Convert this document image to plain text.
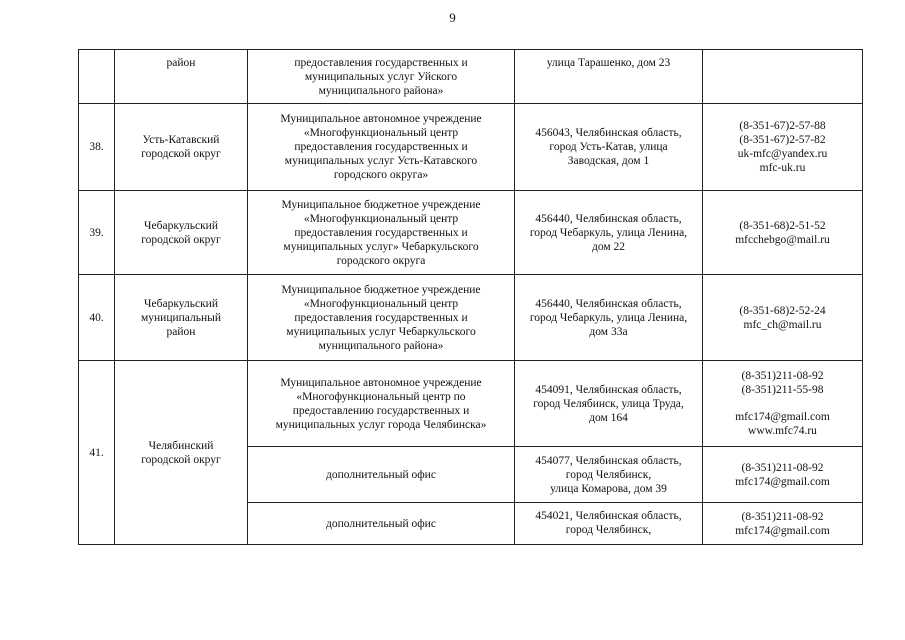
9

	район	предоставления государственных и
муниципальных услуг Уйского
муниципального района»	улица Тарашенко, дом 23	

38.	Усть-Катавский
городской округ	Муниципальное автономное учреждение
«Многофункциональный центр
предоставления государственных и
муниципальных услуг Усть-Катавского
городского округа»	456043, Челябинская область,
город Усть-Катав, улица
Заводская, дом 1	(8-351-67)2-57-88
(8-351-67)2-57-82
uk-mfc@yandex.ru
mfc-uk.ru

39.	Чебаркульский
городской округ	Муниципальное бюджетное учреждение
«Многофункциональный центр
предоставления государственных и
муниципальных услуг» Чебаркульского
городского округа	456440, Челябинская область,
город Чебаркуль, улица Ленина,
дом 22	(8-351-68)2-51-52
mfcchebgo@mail.ru

40.	Чебаркульский
муниципальный
район	Муниципальное бюджетное учреждение
«Многофункциональный центр
предоставления государственных и
муниципальных услуг Чебаркульского
муниципального района»	456440, Челябинская область,
город Чебаркуль, улица Ленина,
дом 33а	(8-351-68)2-52-24
mfc_ch@mail.ru

41.	Челябинский
городской округ	Муниципальное автономное учреждение
«Многофункциональный центр по
предоставлению государственных и
муниципальных услуг города Челябинска»	454091, Челябинская область,
город Челябинск, улица Труда,
дом 164	(8-351)211-08-92
(8-351)211-55-98
mfc174@gmail.com
www.mfc74.ru

		дополнительный офис	454077, Челябинская область,
город Челябинск,
улица Комарова, дом 39	(8-351)211-08-92
mfc174@gmail.com

		дополнительный офис	454021, Челябинская область,
город Челябинск,	(8-351)211-08-92
mfc174@gmail.com
